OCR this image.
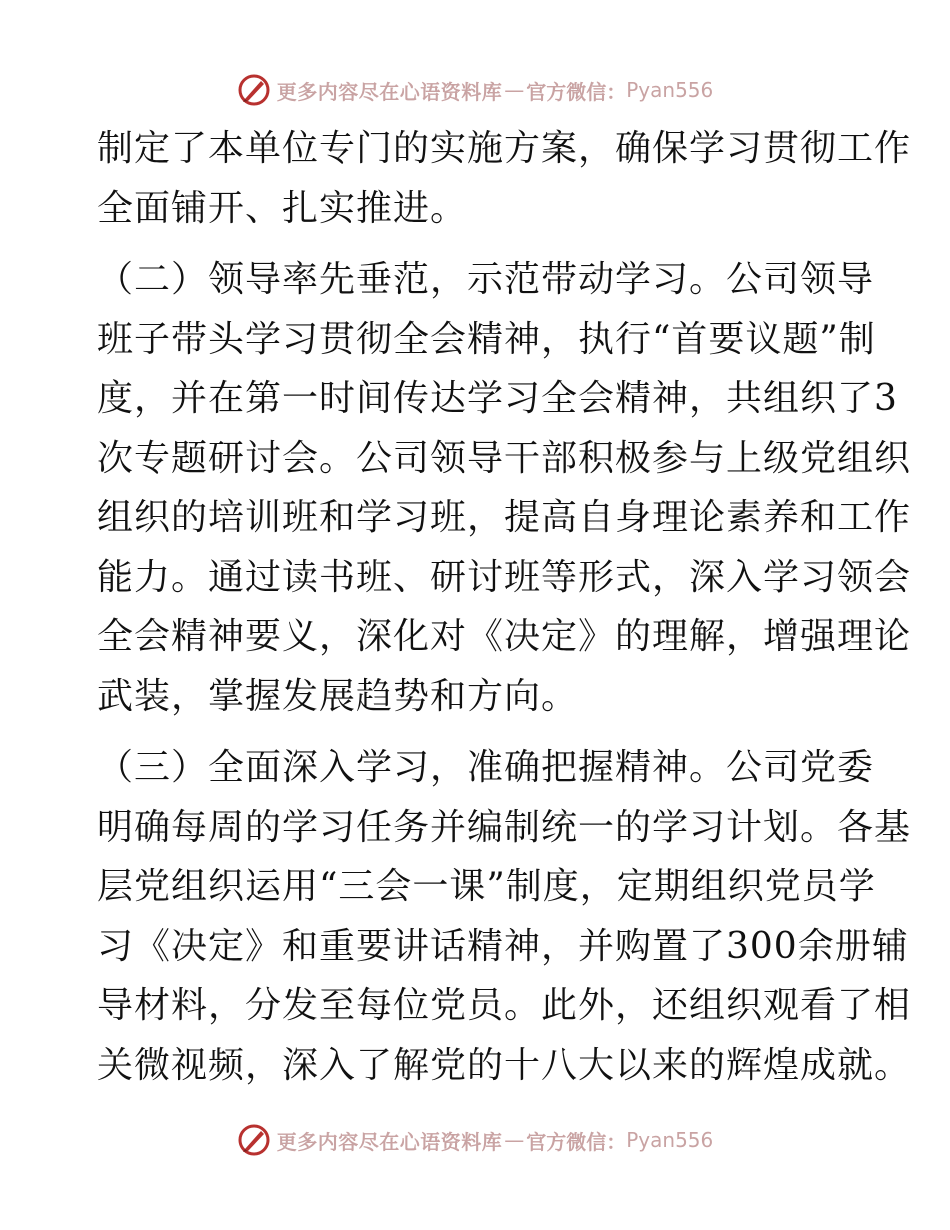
更多内容尽在心语资料库 — 官方微信： Pyan556
制定了本单位专门的实施方案，确保学习贯彻工作
全面铺开、扎实推进。
（二）领导率先垂范，示范带动学习。公司领导
班子带头学习贯彻全会精神，执行“首要议题”制
度，并在第一时间传达学习全会精神，共组织了3
次专题研讨会。公司领导干部积极参与上级党组织
组织的培训班和学习班，提高自身理论素养和工作
能力。通过读书班、研讨班等形式，深入学习领会
全会精神要义，深化对《决定》的理解，增强理论
武装，掌握发展趋势和方向。
（三）全面深入学习，准确把握精神。公司党委
明确每周的学习任务并编制统一的学习计划。各基
层党组织运用“三会一课”制度，定期组织党员学
习《决定》和重要讲话精神，并购置了300余册辅
导材料，分发至每位党员。此外，还组织观看了相
关微视频，深入了解党的十八大以来的辉煌成就。
更多内容尽在心语资料库 — 官方微信： Pyan556
